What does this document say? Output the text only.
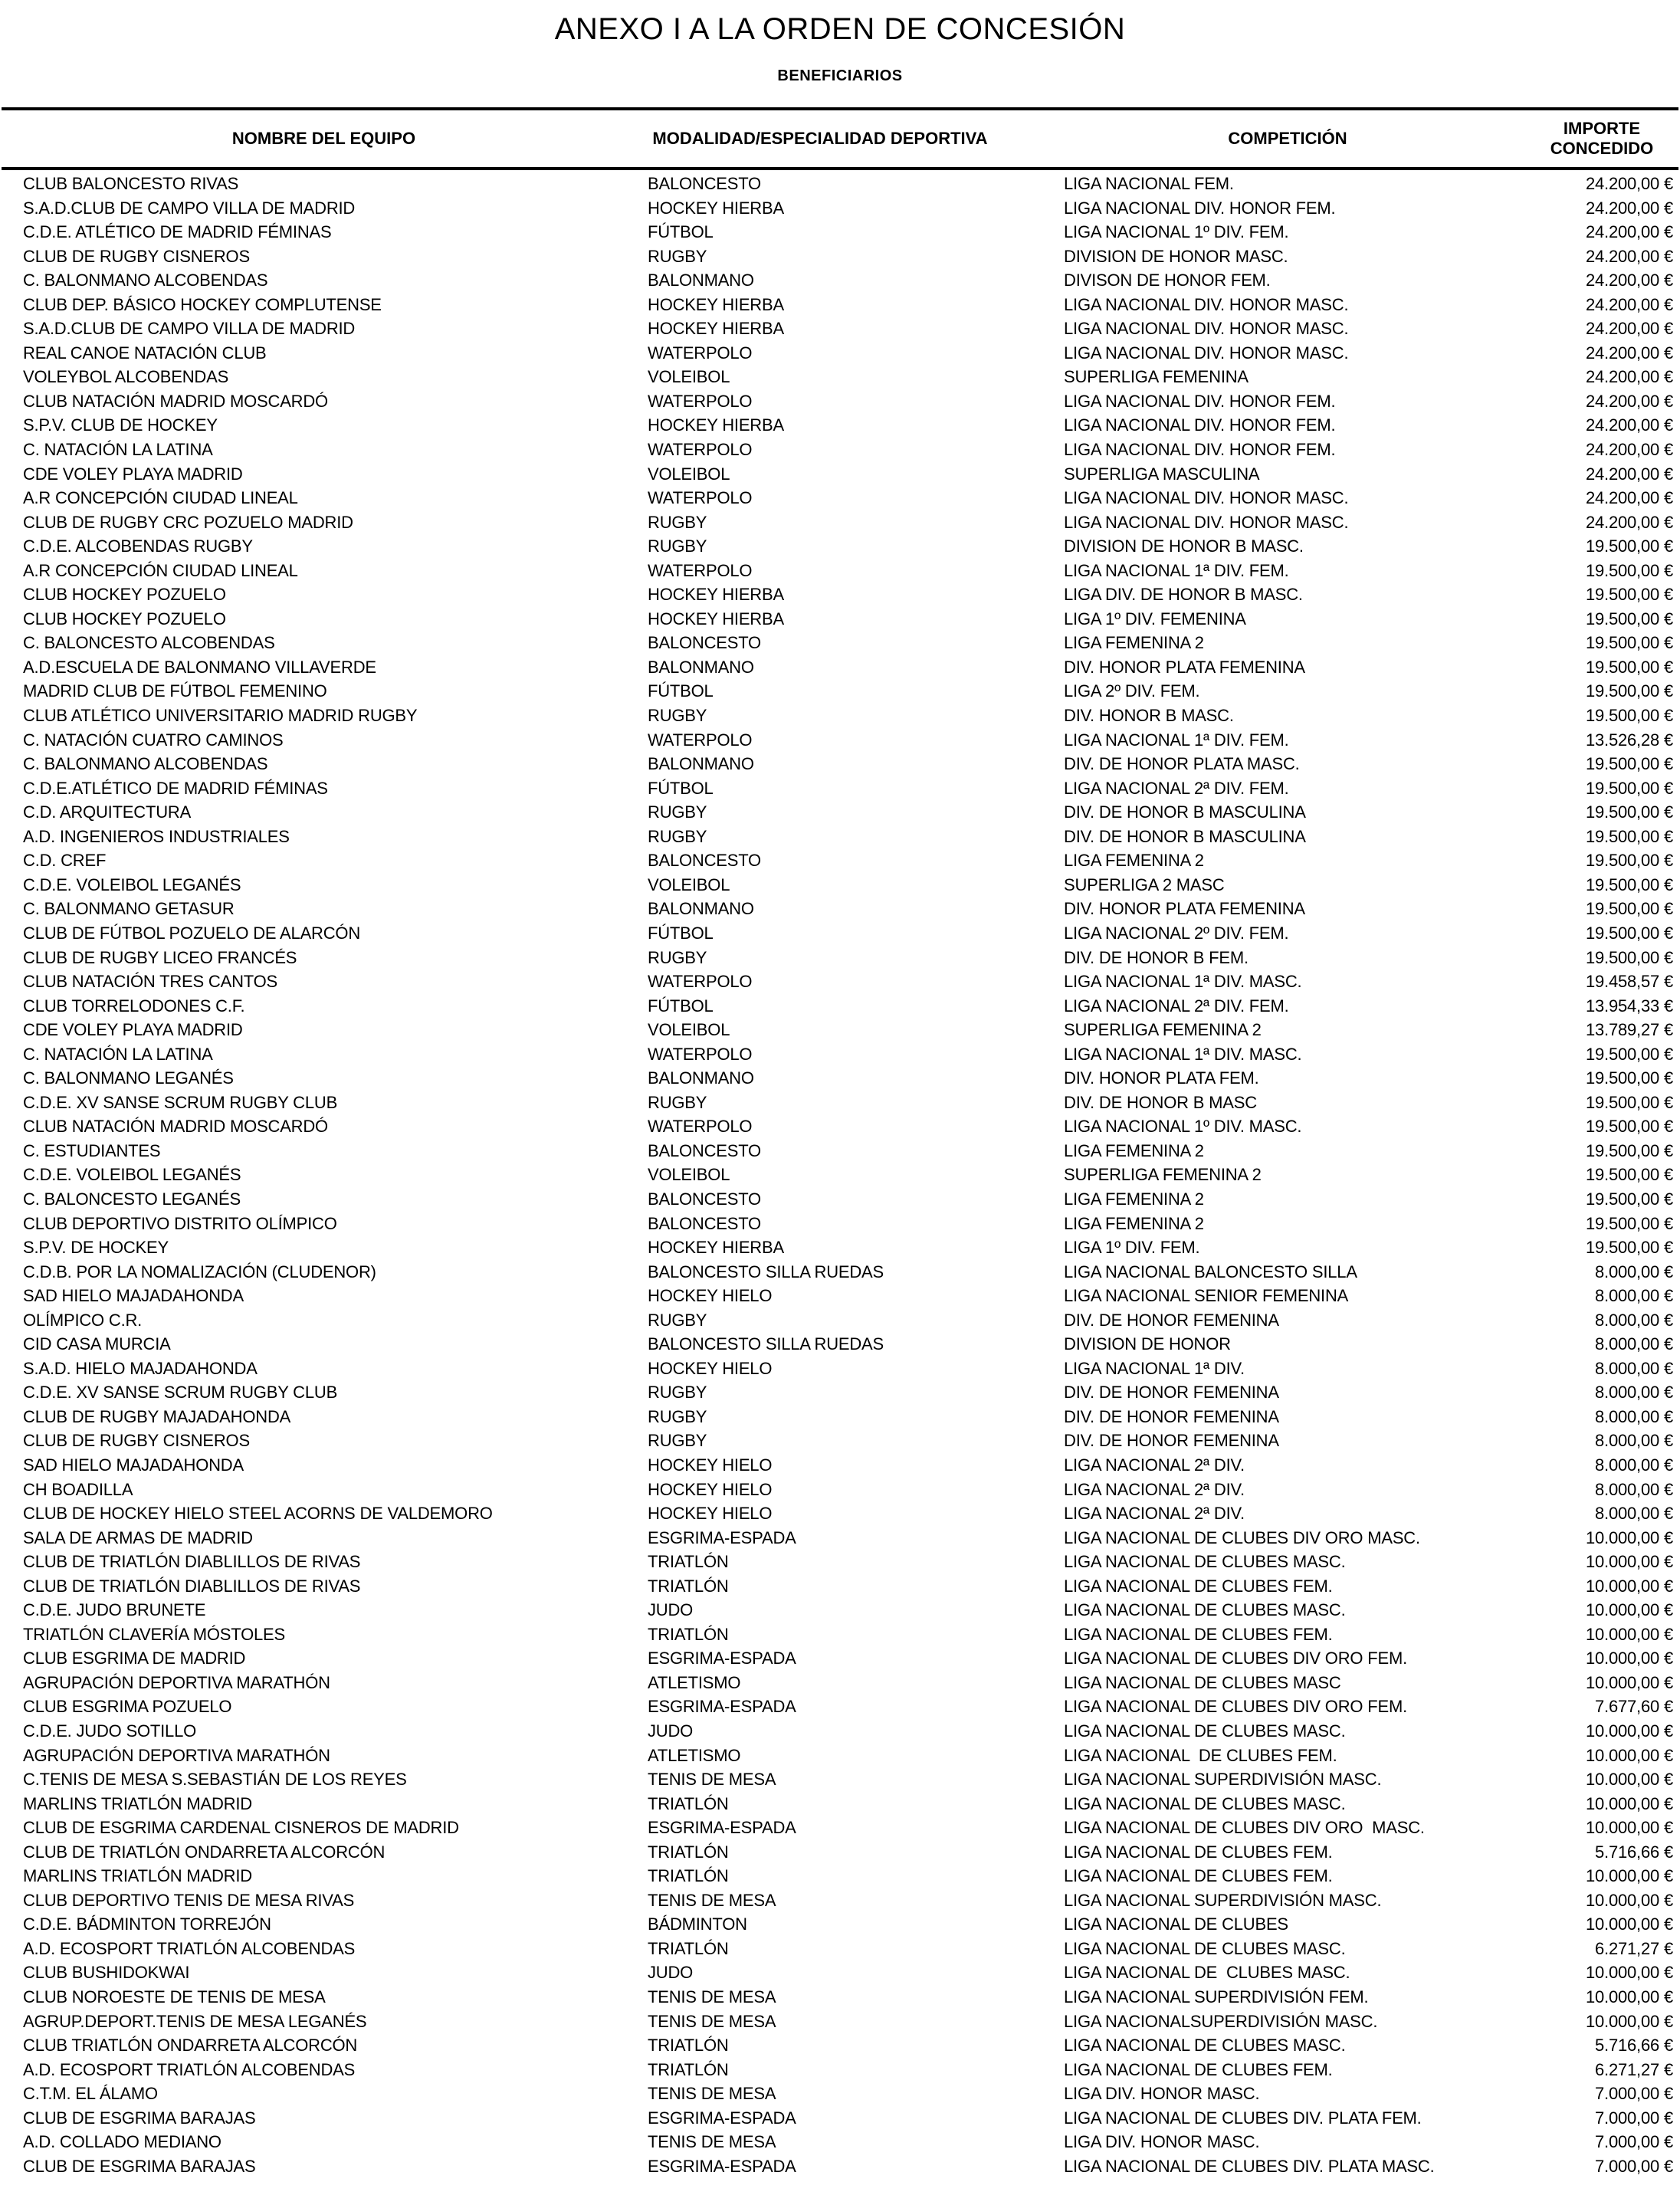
ANEXO I A LA ORDEN DE CONCESIÓN
BENEFICIARIOS
NOMBRE DEL EQUIPO	MODALIDAD/ESPECIALIDAD DEPORTIVA	COMPETICIÓN
IMPORTE
CONCEDIDO
CLUB BALONCESTO RIVAS	BALONCESTO	LIGA NACIONAL FEM.	24.200,00 €
S.A.D.CLUB DE CAMPO VILLA DE MADRID	HOCKEY HIERBA	LIGA NACIONAL DIV. HONOR FEM.	24.200,00 €
C.D.E. ATLÉTICO DE MADRID FÉMINAS	FÚTBOL	LIGA NACIONAL 1º DIV. FEM.	24.200,00 €
CLUB DE RUGBY CISNEROS	RUGBY	DIVISION DE HONOR MASC.	24.200,00 €
C. BALONMANO ALCOBENDAS	BALONMANO	DIVISON DE HONOR FEM.	24.200,00 €
CLUB DEP. BÁSICO HOCKEY COMPLUTENSE	HOCKEY HIERBA	LIGA NACIONAL DIV. HONOR MASC.	24.200,00 €
S.A.D.CLUB DE CAMPO VILLA DE MADRID	HOCKEY HIERBA	LIGA NACIONAL DIV. HONOR MASC.	24.200,00 €
REAL CANOE NATACIÓN CLUB	WATERPOLO	LIGA NACIONAL DIV. HONOR MASC.	24.200,00 €
VOLEYBOL ALCOBENDAS	VOLEIBOL	SUPERLIGA FEMENINA	24.200,00 €
CLUB NATACIÓN MADRID MOSCARDÓ	WATERPOLO	LIGA NACIONAL DIV. HONOR FEM.	24.200,00 €
S.P.V. CLUB DE HOCKEY	HOCKEY HIERBA	LIGA NACIONAL DIV. HONOR FEM.	24.200,00 €
C. NATACIÓN LA LATINA	WATERPOLO	LIGA NACIONAL DIV. HONOR FEM.	24.200,00 €
CDE VOLEY PLAYA MADRID	VOLEIBOL	SUPERLIGA MASCULINA	24.200,00 €
A.R CONCEPCIÓN CIUDAD LINEAL	WATERPOLO	LIGA NACIONAL DIV. HONOR MASC.	24.200,00 €
CLUB DE RUGBY CRC POZUELO MADRID	RUGBY	LIGA NACIONAL DIV. HONOR MASC.	24.200,00 €
C.D.E. ALCOBENDAS RUGBY	RUGBY	DIVISION DE HONOR B MASC.	19.500,00 €
A.R CONCEPCIÓN CIUDAD LINEAL	WATERPOLO	LIGA NACIONAL 1ª DIV. FEM.	19.500,00 €
CLUB HOCKEY POZUELO	HOCKEY HIERBA	LIGA DIV. DE HONOR B MASC.	19.500,00 €
CLUB HOCKEY POZUELO	HOCKEY HIERBA	LIGA 1º DIV. FEMENINA	19.500,00 €
C. BALONCESTO ALCOBENDAS	BALONCESTO	LIGA FEMENINA 2	19.500,00 €
A.D.ESCUELA DE BALONMANO VILLAVERDE	BALONMANO	DIV. HONOR PLATA FEMENINA	19.500,00 €
MADRID CLUB DE FÚTBOL FEMENINO	FÚTBOL	LIGA 2º DIV. FEM.	19.500,00 €
CLUB ATLÉTICO UNIVERSITARIO MADRID RUGBY	RUGBY	DIV. HONOR B MASC.	19.500,00 €
C. NATACIÓN CUATRO CAMINOS	WATERPOLO	LIGA NACIONAL 1ª DIV. FEM.	13.526,28 €
C. BALONMANO ALCOBENDAS	BALONMANO	DIV. DE HONOR PLATA MASC.	19.500,00 €
C.D.E.ATLÉTICO DE MADRID FÉMINAS	FÚTBOL	LIGA NACIONAL 2ª DIV. FEM.	19.500,00 €
C.D. ARQUITECTURA	RUGBY	DIV. DE HONOR B MASCULINA	19.500,00 €
A.D. INGENIEROS INDUSTRIALES	RUGBY	DIV. DE HONOR B MASCULINA	19.500,00 €
C.D. CREF	BALONCESTO	LIGA FEMENINA 2	19.500,00 €
C.D.E. VOLEIBOL LEGANÉS	VOLEIBOL	SUPERLIGA 2 MASC	19.500,00 €
C. BALONMANO GETASUR	BALONMANO	DIV. HONOR PLATA FEMENINA	19.500,00 €
CLUB DE FÚTBOL POZUELO DE ALARCÓN	FÚTBOL	LIGA NACIONAL 2º DIV. FEM.	19.500,00 €
CLUB DE RUGBY LICEO FRANCÉS	RUGBY	DIV. DE HONOR B FEM.	19.500,00 €
CLUB NATACIÓN TRES CANTOS	WATERPOLO	LIGA NACIONAL 1ª DIV. MASC.	19.458,57 €
CLUB TORRELODONES C.F.	FÚTBOL	LIGA NACIONAL 2ª DIV. FEM.	13.954,33 €
CDE VOLEY PLAYA MADRID	VOLEIBOL	SUPERLIGA FEMENINA 2	13.789,27 €
C. NATACIÓN LA LATINA	WATERPOLO	LIGA NACIONAL 1ª DIV. MASC.	19.500,00 €
C. BALONMANO LEGANÉS	BALONMANO	DIV. HONOR PLATA FEM.	19.500,00 €
C.D.E. XV SANSE SCRUM RUGBY CLUB	RUGBY	DIV. DE HONOR B MASC	19.500,00 €
CLUB NATACIÓN MADRID MOSCARDÓ	WATERPOLO	LIGA NACIONAL 1º DIV. MASC.	19.500,00 €
C. ESTUDIANTES	BALONCESTO	LIGA FEMENINA 2	19.500,00 €
C.D.E. VOLEIBOL LEGANÉS	VOLEIBOL	SUPERLIGA FEMENINA 2	19.500,00 €
C. BALONCESTO LEGANÉS	BALONCESTO	LIGA FEMENINA 2	19.500,00 €
CLUB DEPORTIVO DISTRITO OLÍMPICO	BALONCESTO	LIGA FEMENINA 2	19.500,00 €
S.P.V. DE HOCKEY	HOCKEY HIERBA	LIGA 1º DIV. FEM.	19.500,00 €
C.D.B. POR LA NOMALIZACIÓN (CLUDENOR)	BALONCESTO SILLA RUEDAS	LIGA NACIONAL BALONCESTO SILLA	8.000,00 €
SAD HIELO MAJADAHONDA	HOCKEY HIELO	LIGA NACIONAL SENIOR FEMENINA	8.000,00 €
OLÍMPICO C.R.	RUGBY	DIV. DE HONOR FEMENINA	8.000,00 €
CID CASA MURCIA	BALONCESTO SILLA RUEDAS	DIVISION DE HONOR	8.000,00 €
S.A.D. HIELO MAJADAHONDA	HOCKEY HIELO	LIGA NACIONAL 1ª DIV.	8.000,00 €
C.D.E. XV SANSE SCRUM RUGBY CLUB	RUGBY	DIV. DE HONOR FEMENINA	8.000,00 €
CLUB DE RUGBY MAJADAHONDA	RUGBY	DIV. DE HONOR FEMENINA	8.000,00 €
CLUB DE RUGBY CISNEROS	RUGBY	DIV. DE HONOR FEMENINA	8.000,00 €
SAD HIELO MAJADAHONDA	HOCKEY HIELO	LIGA NACIONAL 2ª DIV.	8.000,00 €
CH BOADILLA	HOCKEY HIELO	LIGA NACIONAL 2ª DIV.	8.000,00 €
CLUB DE HOCKEY HIELO STEEL ACORNS DE VALDEMORO	HOCKEY HIELO	LIGA NACIONAL 2ª DIV.	8.000,00 €
SALA DE ARMAS DE MADRID	ESGRIMA-ESPADA	LIGA NACIONAL DE CLUBES DIV ORO MASC.	10.000,00 €
CLUB DE TRIATLÓN DIABLILLOS DE RIVAS	TRIATLÓN	LIGA NACIONAL DE CLUBES MASC.	10.000,00 €
CLUB DE TRIATLÓN DIABLILLOS DE RIVAS	TRIATLÓN	LIGA NACIONAL DE CLUBES FEM.	10.000,00 €
C.D.E. JUDO BRUNETE	JUDO	LIGA NACIONAL DE CLUBES MASC.	10.000,00 €
TRIATLÓN CLAVERÍA MÓSTOLES	TRIATLÓN	LIGA NACIONAL DE CLUBES FEM.	10.000,00 €
CLUB ESGRIMA DE MADRID	ESGRIMA-ESPADA	LIGA NACIONAL DE CLUBES DIV ORO FEM.	10.000,00 €
AGRUPACIÓN DEPORTIVA MARATHÓN	ATLETISMO	LIGA NACIONAL DE CLUBES MASC	10.000,00 €
CLUB ESGRIMA POZUELO	ESGRIMA-ESPADA	LIGA NACIONAL DE CLUBES DIV ORO FEM.	7.677,60 €
C.D.E. JUDO SOTILLO	JUDO	LIGA NACIONAL DE CLUBES MASC.	10.000,00 €
AGRUPACIÓN DEPORTIVA MARATHÓN	ATLETISMO	LIGA NACIONAL  DE CLUBES FEM.	10.000,00 €
C.TENIS DE MESA S.SEBASTIÁN DE LOS REYES	TENIS DE MESA	LIGA NACIONAL SUPERDIVISIÓN MASC.	10.000,00 €
MARLINS TRIATLÓN MADRID	TRIATLÓN	LIGA NACIONAL DE CLUBES MASC.	10.000,00 €
CLUB DE ESGRIMA CARDENAL CISNEROS DE MADRID	ESGRIMA-ESPADA	LIGA NACIONAL DE CLUBES DIV ORO  MASC.	10.000,00 €
CLUB DE TRIATLÓN ONDARRETA ALCORCÓN	TRIATLÓN	LIGA NACIONAL DE CLUBES FEM.	5.716,66 €
MARLINS TRIATLÓN MADRID	TRIATLÓN	LIGA NACIONAL DE CLUBES FEM.	10.000,00 €
CLUB DEPORTIVO TENIS DE MESA RIVAS	TENIS DE MESA	LIGA NACIONAL SUPERDIVISIÓN MASC.	10.000,00 €
C.D.E. BÁDMINTON TORREJÓN	BÁDMINTON	LIGA NACIONAL DE CLUBES	10.000,00 €
A.D. ECOSPORT TRIATLÓN ALCOBENDAS	TRIATLÓN	LIGA NACIONAL DE CLUBES MASC.	6.271,27 €
CLUB BUSHIDOKWAI	JUDO	LIGA NACIONAL DE  CLUBES MASC.	10.000,00 €
CLUB NOROESTE DE TENIS DE MESA	TENIS DE MESA	LIGA NACIONAL SUPERDIVISIÓN FEM.	10.000,00 €
AGRUP.DEPORT.TENIS DE MESA LEGANÉS	TENIS DE MESA	LIGA NACIONALSUPERDIVISIÓN MASC.	10.000,00 €
CLUB TRIATLÓN ONDARRETA ALCORCÓN	TRIATLÓN	LIGA NACIONAL DE CLUBES MASC.	5.716,66 €
A.D. ECOSPORT TRIATLÓN ALCOBENDAS	TRIATLÓN	LIGA NACIONAL DE CLUBES FEM.	6.271,27 €
C.T.M. EL ÁLAMO	TENIS DE MESA	LIGA DIV. HONOR MASC.	7.000,00 €
CLUB DE ESGRIMA BARAJAS	ESGRIMA-ESPADA	LIGA NACIONAL DE CLUBES DIV. PLATA FEM.	7.000,00 €
A.D. COLLADO MEDIANO	TENIS DE MESA	LIGA DIV. HONOR MASC.	7.000,00 €
CLUB DE ESGRIMA BARAJAS	ESGRIMA-ESPADA	LIGA NACIONAL DE CLUBES DIV. PLATA MASC.	7.000,00 €
